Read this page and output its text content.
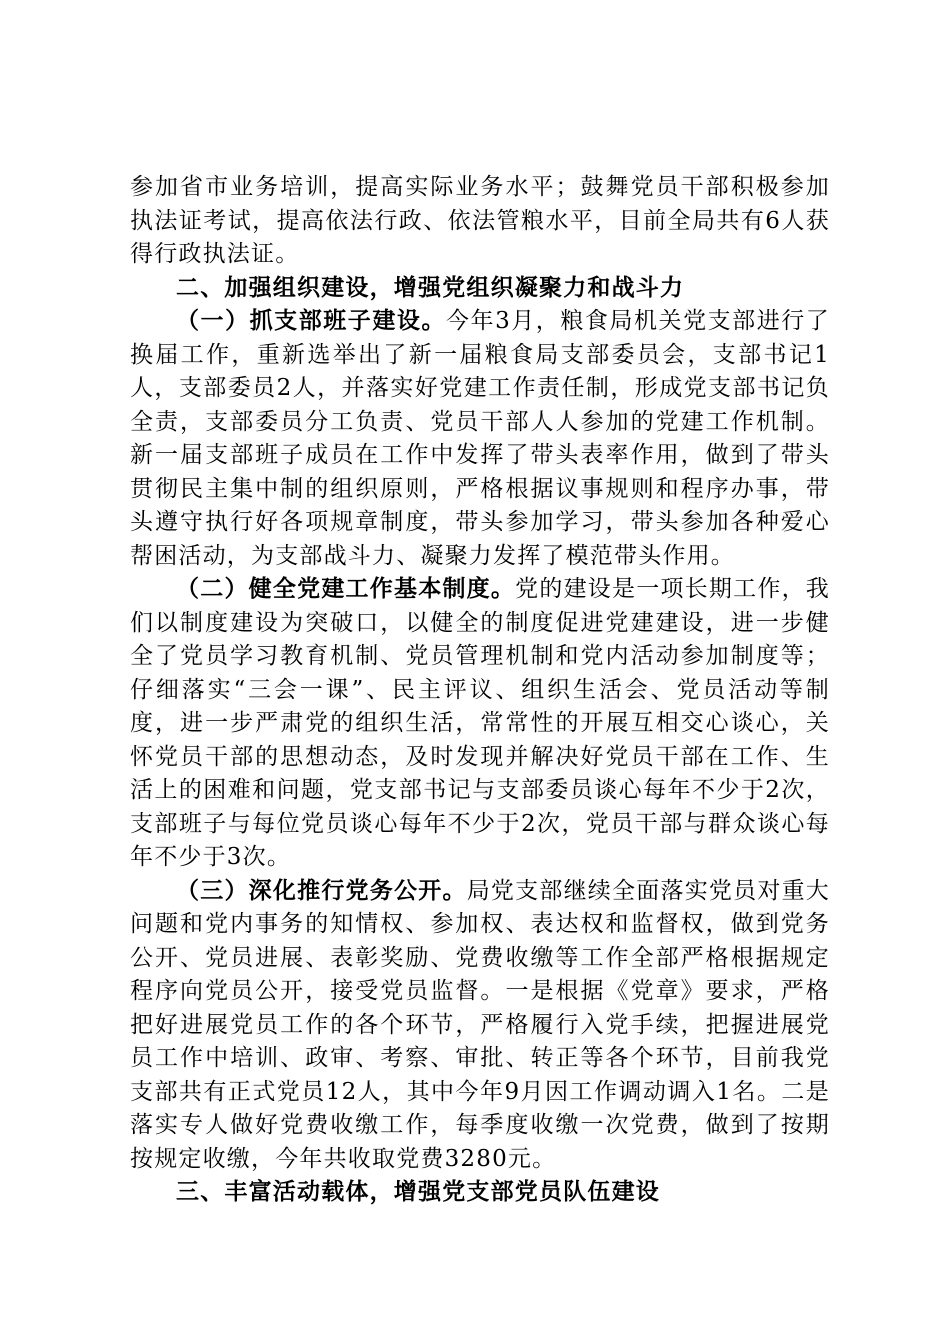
参加省市业务培训，提高实际业务水平；鼓舞党员干部积极参加执法证考试，提高依法行政、依法管粮水平，目前全局共有6人获得行政执法证。

二、加强组织建设，增强党组织凝聚力和战斗力

（一）抓支部班子建设。今年3月，粮食局机关党支部进行了换届工作，重新选举出了新一届粮食局支部委员会，支部书记1人，支部委员2人，并落实好党建工作责任制，形成党支部书记负全责，支部委员分工负责、党员干部人人参加的党建工作机制。新一届支部班子成员在工作中发挥了带头表率作用，做到了带头贯彻民主集中制的组织原则，严格根据议事规则和程序办事，带头遵守执行好各项规章制度，带头参加学习，带头参加各种爱心帮困活动，为支部战斗力、凝聚力发挥了模范带头作用。

（二）健全党建工作基本制度。党的建设是一项长期工作，我们以制度建设为突破口，以健全的制度促进党建建设，进一步健全了党员学习教育机制、党员管理机制和党内活动参加制度等；仔细落实“三会一课”、民主评议、组织生活会、党员活动等制度，进一步严肃党的组织生活，常常性的开展互相交心谈心，关怀党员干部的思想动态，及时发现并解决好党员干部在工作、生活上的困难和问题，党支部书记与支部委员谈心每年不少于2次，支部班子与每位党员谈心每年不少于2次，党员干部与群众谈心每年不少于3次。

（三）深化推行党务公开。局党支部继续全面落实党员对重大问题和党内事务的知情权、参加权、表达权和监督权，做到党务公开、党员进展、表彰奖励、党费收缴等工作全部严格根据规定程序向党员公开，接受党员监督。一是根据《党章》要求，严格把好进展党员工作的各个环节，严格履行入党手续，把握进展党员工作中培训、政审、考察、审批、转正等各个环节，目前我党支部共有正式党员12人，其中今年9月因工作调动调入1名。二是落实专人做好党费收缴工作，每季度收缴一次党费，做到了按期按规定收缴，今年共收取党费3280元。

三、丰富活动载体，增强党支部党员队伍建设
